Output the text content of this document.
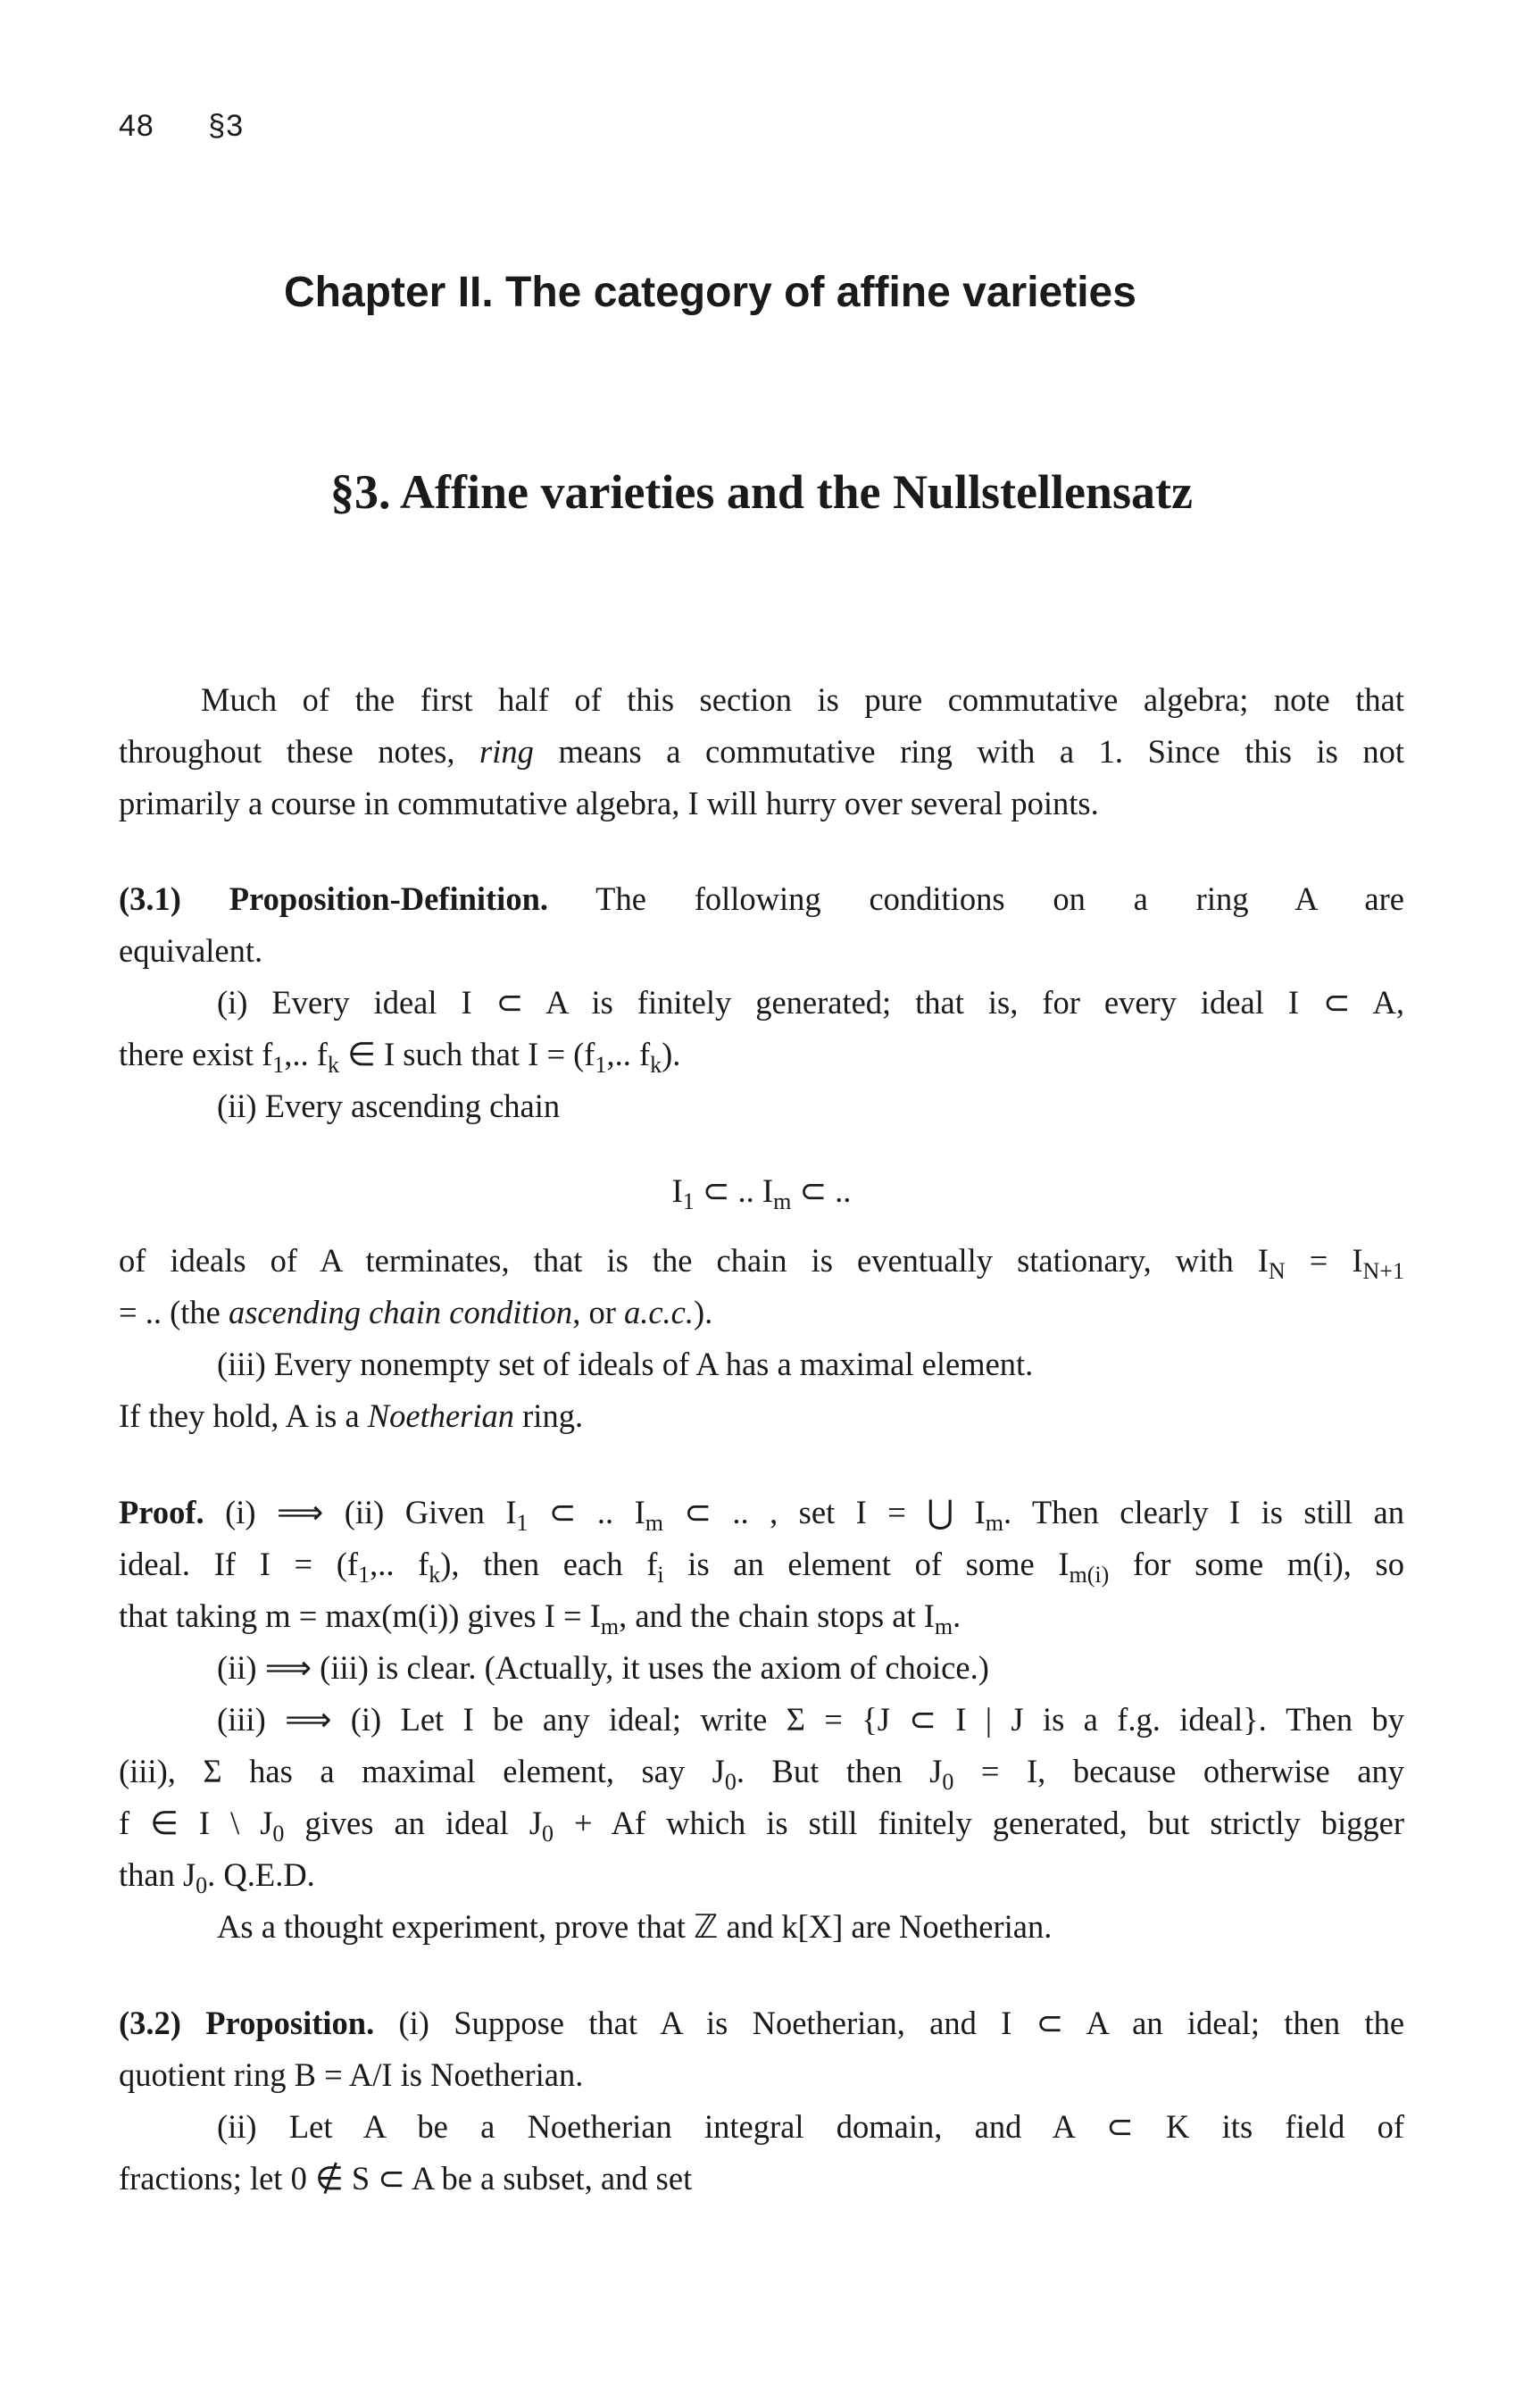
48 §3
Chapter II. The category of affine varieties
§3. Affine varieties and the Nullstellensatz
Much of the first half of this section is pure commutative algebra; note that
throughout these notes, ring means a commutative ring with a 1. Since this is not
primarily a course in commutative algebra, I will hurry over several points.
(3.1) Proposition-Definition. The following conditions on a ring A are
equivalent.
(i) Every ideal I ⊂ A is finitely generated; that is, for every ideal I ⊂ A,
there exist $f_1$,.. $f_k$ ∈ I such that $I = (f_1$,.. $f_k$).
(ii) Every ascending chain
$I_1$ ⊂ .. $I_m$ ⊂ ..
of ideals of A terminates, that is the chain is eventually stationary, with $I_N = I_{N+1}$
= .. (the ascending chain condition, or a.c.c.).
(iii) Every nonempty set of ideals of A has a maximal element.
If they hold, A is a Noetherian ring.
Proof. (i) ⟹ (ii) Given $I_1$ ⊂ .. $I_m$ ⊂ .. , set I = ⋃ $I_m$. Then clearly I is still an
ideal. If $I = (f_1$,.. $f_k$), then each $f_i$ is an element of some $I_{m(i)}$ for some m(i), so
that taking m = max(m(i)) gives $I = I_m$, and the chain stops at $I_m$.
(ii) ⟹ (iii) is clear. (Actually, it uses the axiom of choice.)
(iii) ⟹ (i) Let I be any ideal; write Σ = {J ⊂ I | J is a f.g. ideal}. Then by
(iii), Σ has a maximal element, say $J_0$. But then $J_0 = I$, because otherwise any
f ∈ I \ $J_0$ gives an ideal $J_0 + Af$ which is still finitely generated, but strictly bigger
than $J_0$. Q.E.D.
As a thought experiment, prove that ℤ and k[X] are Noetherian.
(3.2) Proposition. (i) Suppose that A is Noetherian, and I ⊂ A an ideal; then the
quotient ring B = A/I is Noetherian.
(ii) Let A be a Noetherian integral domain, and A ⊂ K its field of
fractions; let 0 ∉ S ⊂ A be a subset, and set
